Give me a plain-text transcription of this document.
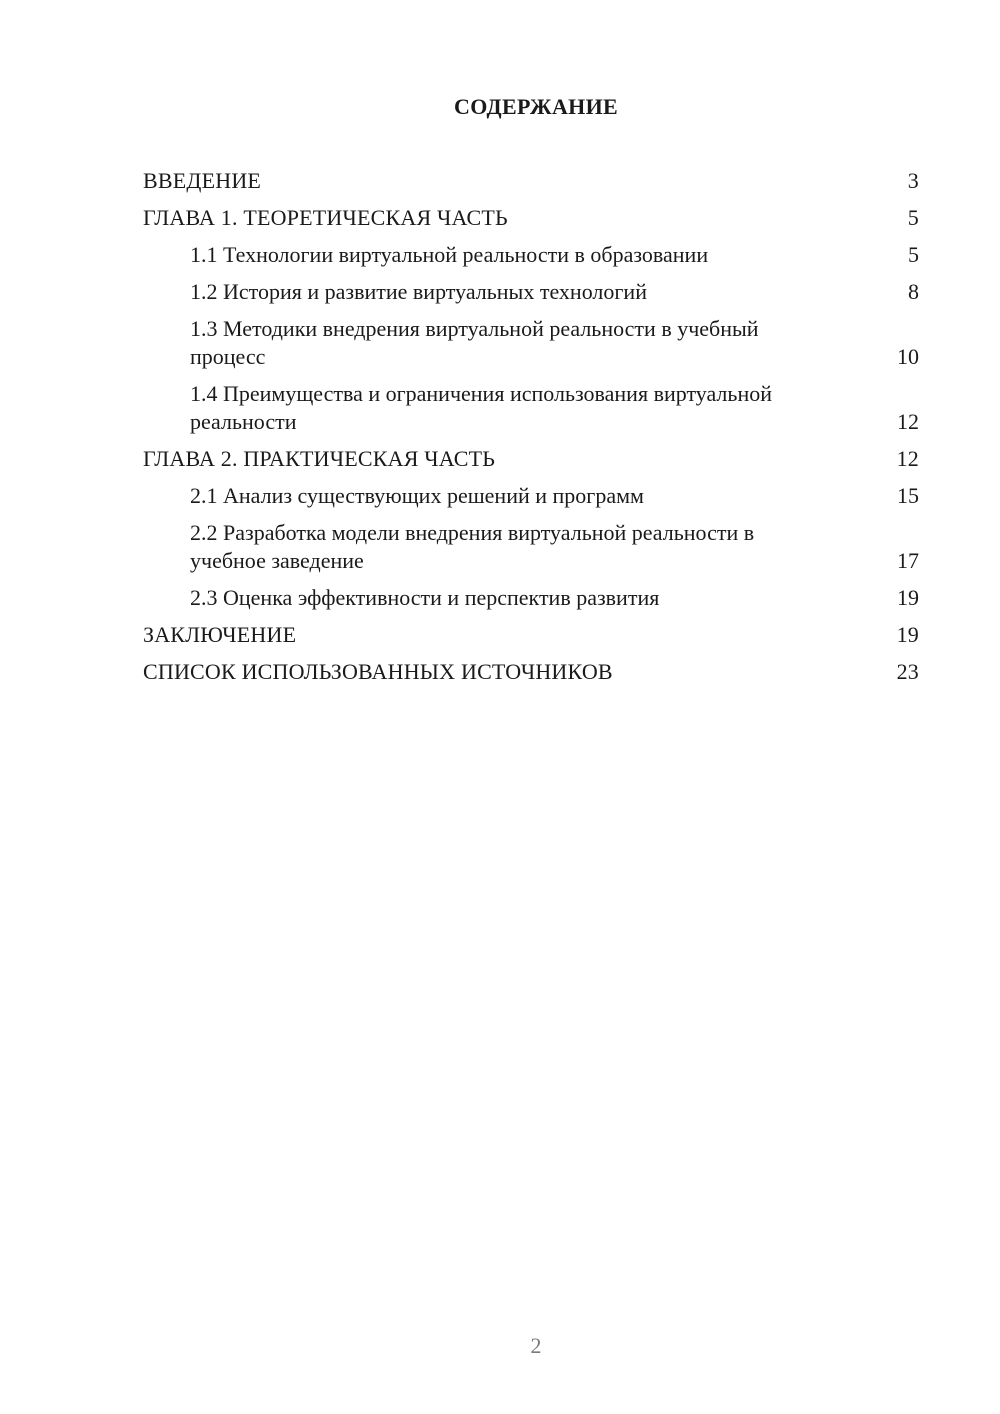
СОДЕРЖАНИЕ
ВВЕДЕНИЕ	3
ГЛАВА 1. ТЕОРЕТИЧЕСКАЯ ЧАСТЬ	5
1.1 Технологии виртуальной реальности в образовании	5
1.2 История и развитие виртуальных технологий	8
1.3 Методики внедрения виртуальной реальности в учебный процесс	10
1.4 Преимущества и ограничения использования виртуальной реальности	12
ГЛАВА 2. ПРАКТИЧЕСКАЯ ЧАСТЬ	12
2.1 Анализ существующих решений и программ	15
2.2 Разработка модели внедрения виртуальной реальности в учебное заведение	17
2.3 Оценка эффективности и перспектив развития	19
ЗАКЛЮЧЕНИЕ	19
СПИСОК ИСПОЛЬЗОВАННЫХ ИСТОЧНИКОВ	23
2
